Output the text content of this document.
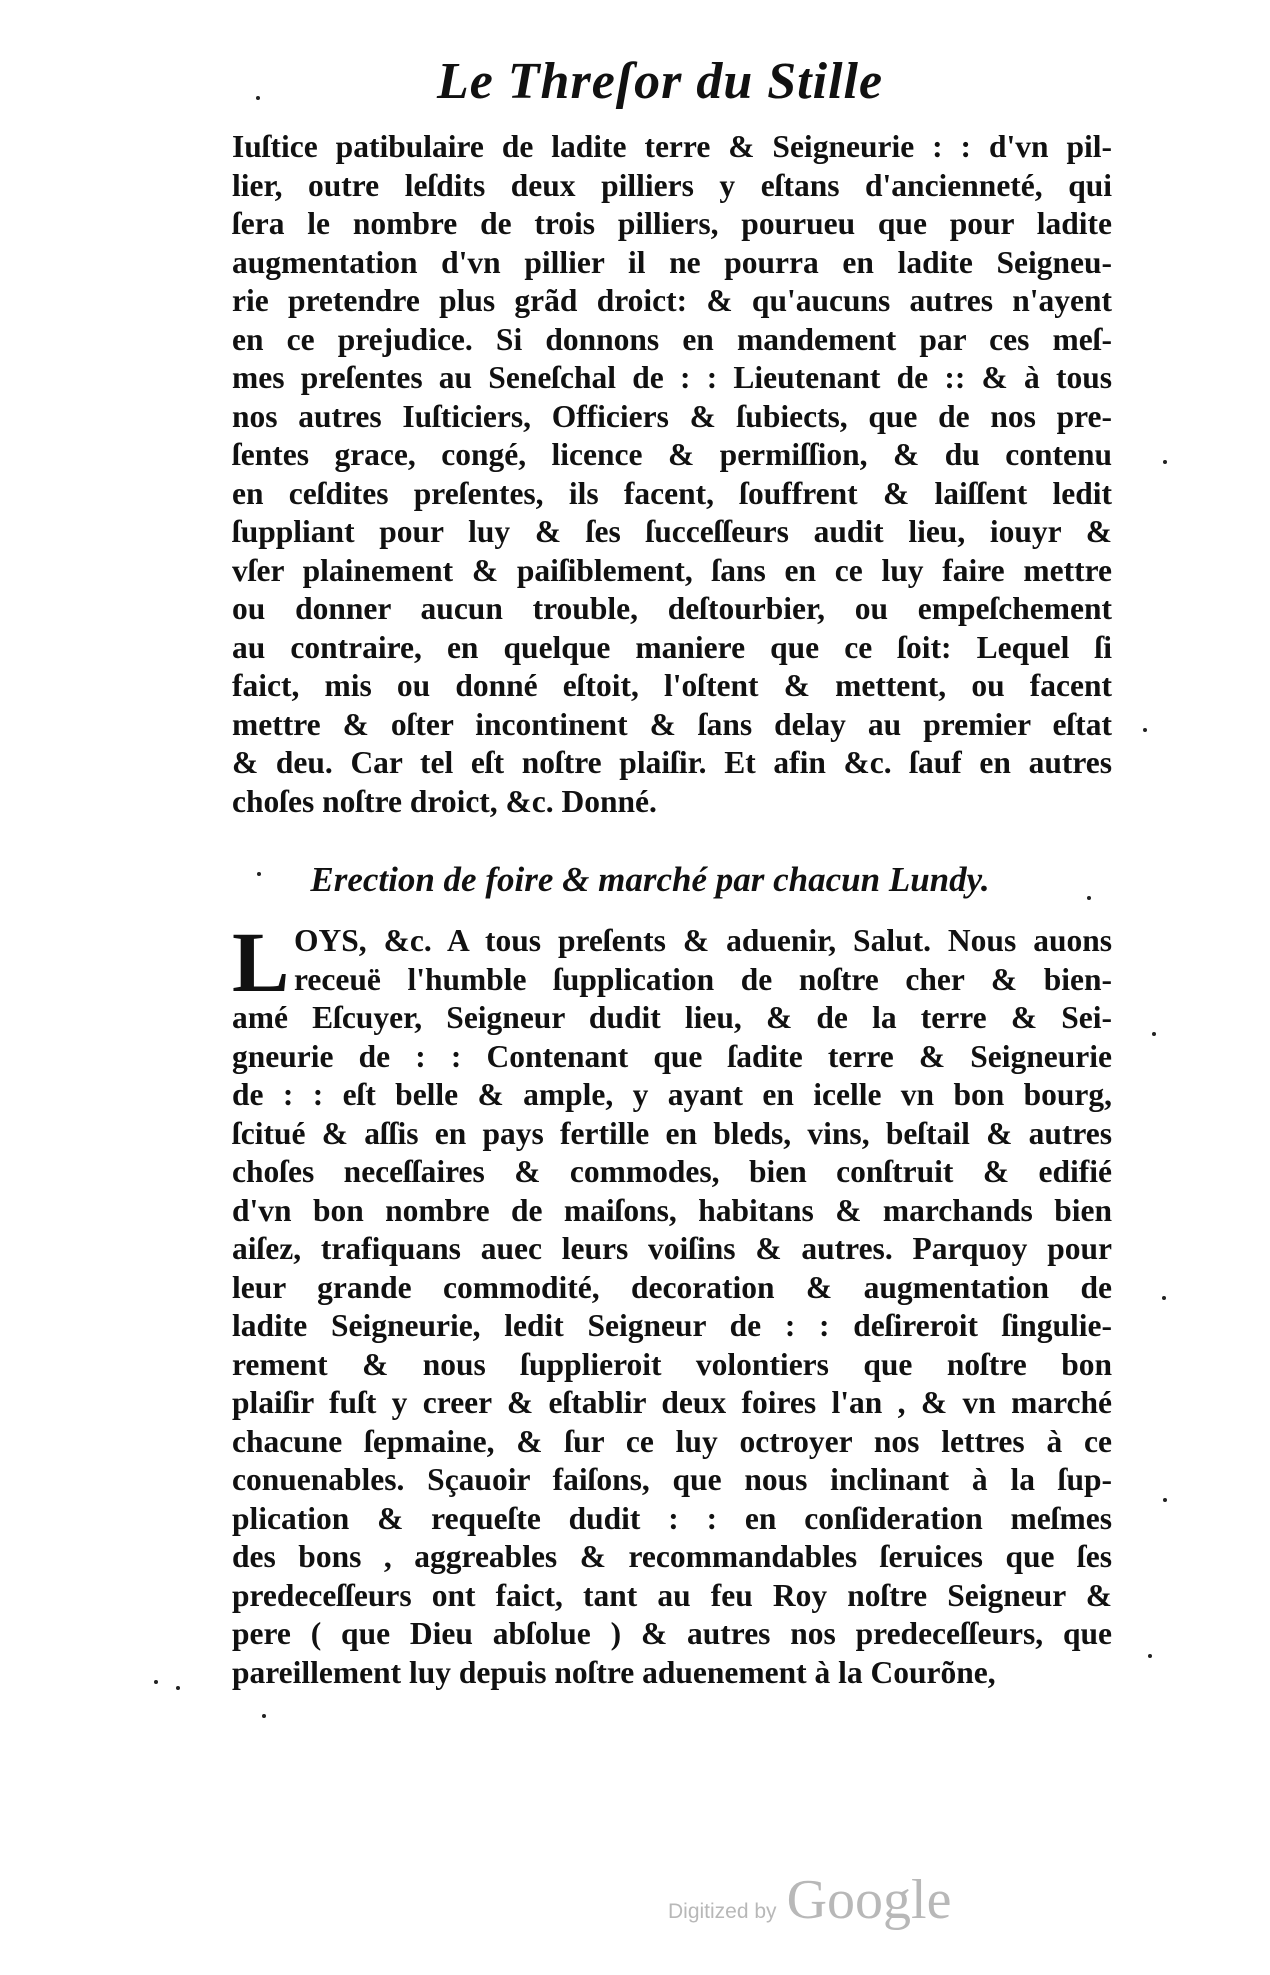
Le Threſor du Stille
Iuſtice patibulaire de ladite terre & Seigneurie : : d'vn pil-
lier, outre leſdits deux pilliers y eſtans d'ancienneté, qui
ſera le nombre de trois pilliers, pourueu que pour ladite
augmentation d'vn pillier il ne pourra en ladite Seigneu-
rie pretendre plus grãd droict: & qu'aucuns autres n'ayent
en ce prejudice. Si donnons en mandement par ces meſ-
mes preſentes au Seneſchal de : : Lieutenant de :: & à tous
nos autres Iuſticiers, Officiers & ſubiects, que de nos pre-
ſentes grace, congé, licence & permiſſion, & du contenu
en ceſdites preſentes, ils facent, ſouffrent & laiſſent ledit
ſuppliant pour luy & ſes ſucceſſeurs audit lieu, iouyr &
vſer plainement & paiſiblement, ſans en ce luy faire mettre
ou donner aucun trouble, deſtourbier, ou empeſchement
au contraire, en quelque maniere que ce ſoit: Lequel ſi
faict, mis ou donné eſtoit, l'oſtent & mettent, ou facent
mettre & oſter incontinent & ſans delay au premier eſtat
& deu. Car tel eſt noſtre plaiſir. Et afin &c. ſauf en autres
choſes noſtre droict, &c. Donné.
Erection de foire & marché par chacun Lundy.
L OYS, &c. A tous preſents & aduenir, Salut. Nous auons
receuë l'humble ſupplication de noſtre cher & bien-
amé Eſcuyer, Seigneur dudit lieu, & de la terre & Sei-
gneurie de : : Contenant que ſadite terre & Seigneurie
de : : eſt belle & ample, y ayant en icelle vn bon bourg,
ſcitué & aſſis en pays fertille en bleds, vins, beſtail & autres
choſes neceſſaires & commodes, bien conſtruit & edifié
d'vn bon nombre de maiſons, habitans & marchands bien
aiſez, trafiquans auec leurs voiſins & autres. Parquoy pour
leur grande commodité, decoration & augmentation de
ladite Seigneurie, ledit Seigneur de : : deſireroit ſingulie-
rement & nous ſupplieroit volontiers que noſtre bon
plaiſir fuſt y creer & eſtablir deux foires l'an , & vn marché
chacune ſepmaine, & ſur ce luy octroyer nos lettres à ce
conuenables. Sçauoir faiſons, que nous inclinant à la ſup-
plication & requeſte dudit : : en conſideration meſmes
des bons , aggreables & recommandables ſeruices que ſes
predeceſſeurs ont faict, tant au feu Roy noſtre Seigneur &
pere ( que Dieu abſolue ) & autres nos predeceſſeurs, que
pareillement luy depuis noſtre aduenement à la Courõne,
Digitized by Google
